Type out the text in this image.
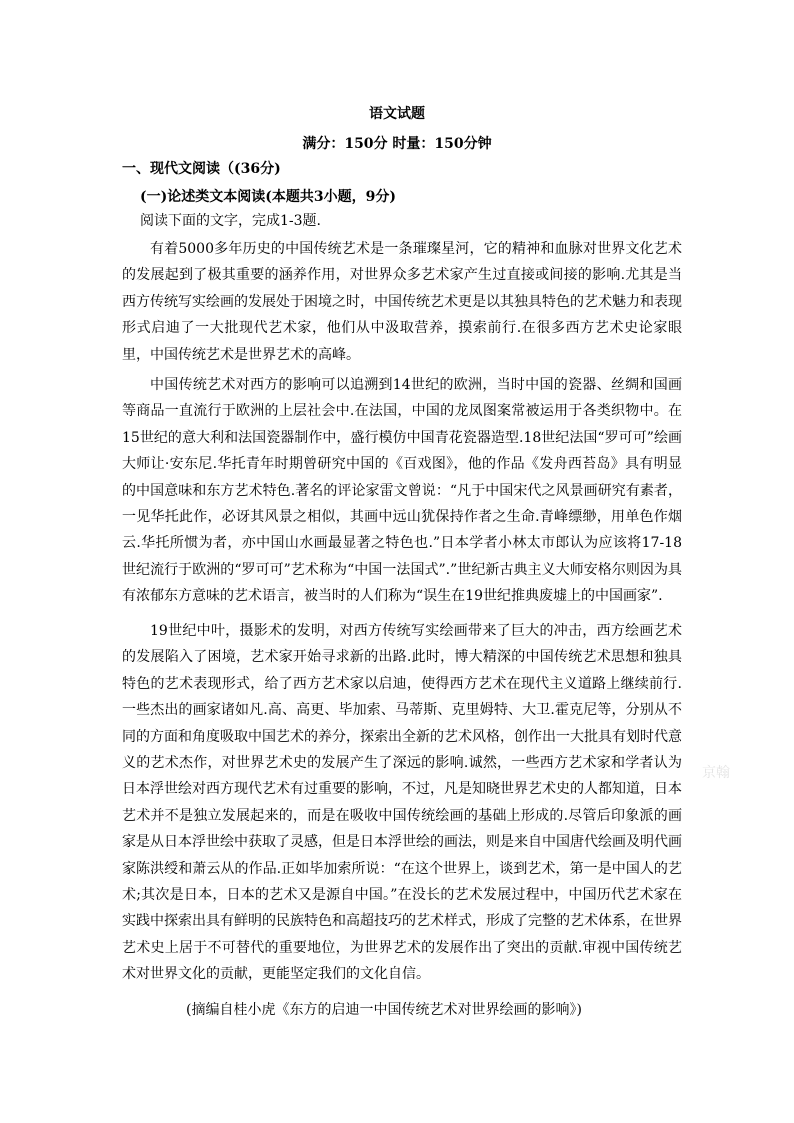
语文试题
满分：150分 时量：150分钟
一、现代文阅读（(36分)
(一)论述类文本阅读(本题共3小题，9分)
阅读下面的文字，完成1-3题.

有着5000多年历史的中国传统艺术是一条璀璨星河，它的精神和血脉对世界文化艺术的发展起到了极其重要的涵养作用，对世界众多艺术家产生过直接或间接的影响.尤其是当西方传统写实绘画的发展处于困境之时，中国传统艺术更是以其独具特色的艺术魅力和表现形式启迪了一大批现代艺术家，他们从中汲取营养，摸索前行.在很多西方艺术史论家眼里，中国传统艺术是世界艺术的高峰。

中国传统艺术对西方的影响可以追溯到14世纪的欧洲，当时中国的瓷器、丝绸和国画等商品一直流行于欧洲的上层社会中.在法国，中国的龙凤图案常被运用于各类织物中。在15世纪的意大利和法国瓷器制作中，盛行模仿中国青花瓷器造型.18世纪法国“罗可可”绘画大师让·安东尼.华托青年时期曾研究中国的《百戏图》，他的作品《发舟西苔岛》具有明显的中国意味和东方艺术特色.著名的评论家雷文曾说：“凡于中国宋代之风景画研究有素者，一见华托此作，必讶其风景之相似，其画中远山犹保持作者之生命.青峰缥缈，用单色作烟云.华托所惯为者，亦中国山水画最显著之特色也.”日本学者小林太市郎认为应该将17-18世纪流行于欧洲的“罗可可”艺术称为“中国一法国式”.”世纪新古典主义大师安格尔则因为具有浓郁东方意味的艺术语言，被当时的人们称为“误生在19世纪推典废墟上的中国画家”.

19世纪中叶，摄影术的发明，对西方传统写实绘画带来了巨大的冲击，西方绘画艺术的发展陷入了困境，艺术家开始寻求新的出路.此时，博大精深的中国传统艺术思想和独具特色的艺术表现形式，给了西方艺术家以启迪，使得西方艺术在现代主义道路上继续前行.一些杰出的画家诸如凡.高、高更、毕加索、马蒂斯、克里姆特、大卫.霍克尼等，分别从不同的方面和角度吸取中国艺术的养分，探索出全新的艺术风格，创作出一大批具有划时代意义的艺术杰作，对世界艺术史的发展产生了深远的影响.诚然，一些西方艺术家和学者认为日本浮世绘对西方现代艺术有过重要的影响，不过，凡是知晓世界艺术史的人都知道，日本艺术并不是独立发展起来的，而是在吸收中国传统绘画的基础上形成的.尽管后印象派的画家是从日本浮世绘中获取了灵感，但是日本浮世绘的画法，则是来自中国唐代绘画及明代画家陈洪绶和萧云从的作品.正如毕加索所说：“在这个世界上，谈到艺术，第一是中国人的艺术;其次是日本，日本的艺术又是源自中国。”在没长的艺术发展过程中，中国历代艺术家在实践中探索出具有鲜明的民族特色和高超技巧的艺术样式，形成了完整的艺术体系，在世界艺术史上居于不可替代的重要地位，为世界艺术的发展作出了突出的贡献.审视中国传统艺术对世界文化的贡献，更能坚定我们的文化自信。

(摘编自桂小虎《东方的启迪一中国传统艺术对世界绘画的影响》)
京翰
